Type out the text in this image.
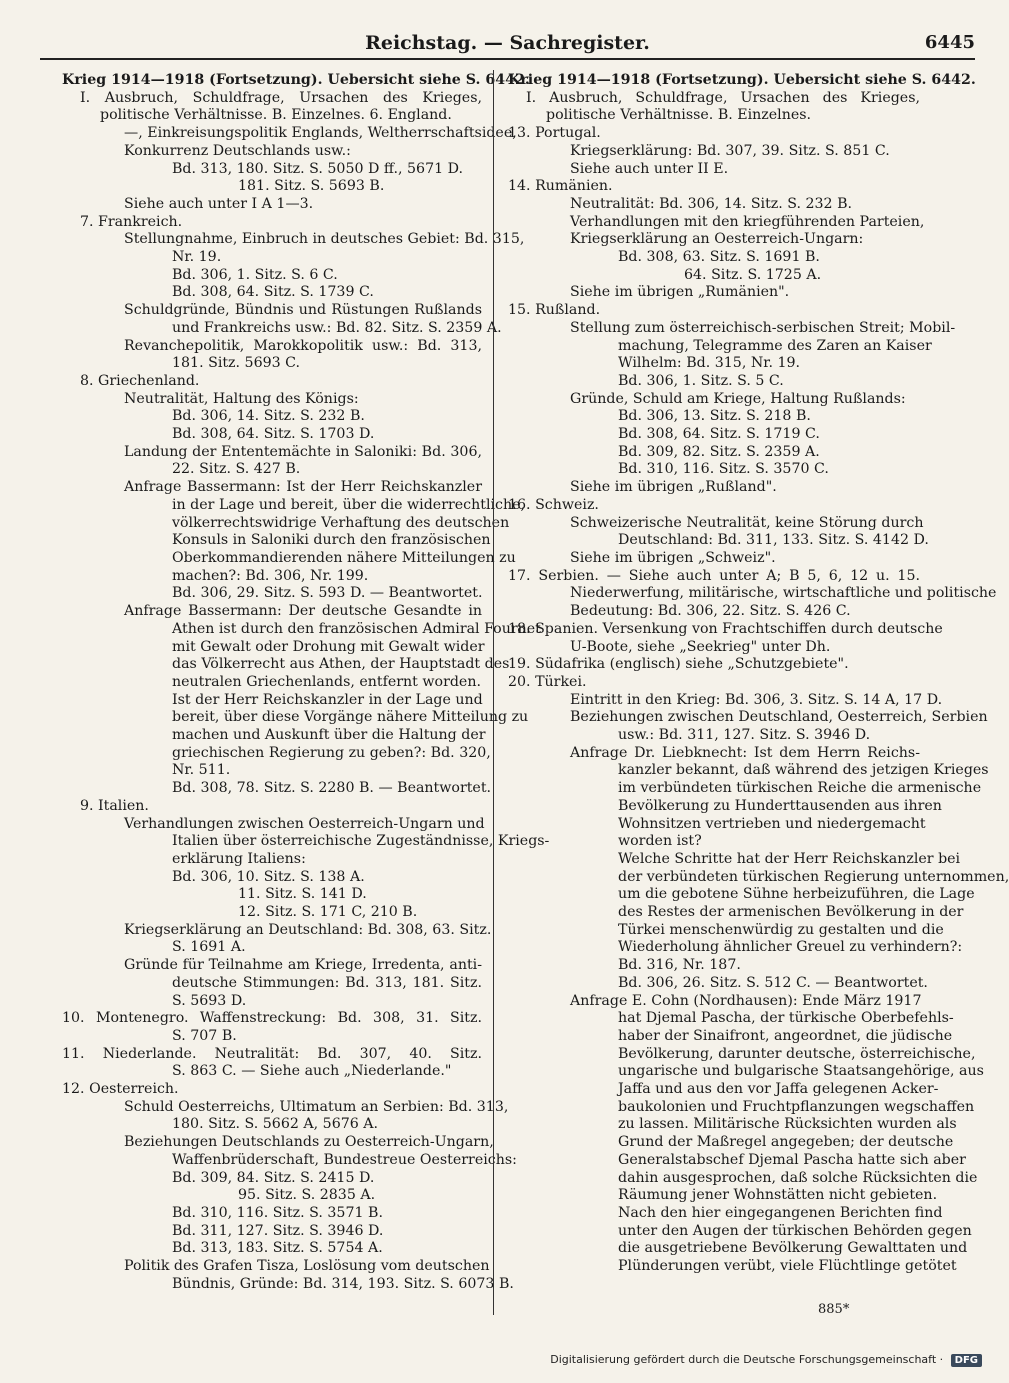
Reichstag. — Sachregister.	6445
Krieg 1914—1918 (Fortsetzung). Uebersicht siehe S. 6442.
I. Ausbruch, Schuldfrage, Ursachen des Krieges,
politische Verhältnisse. B. Einzelnes. 6. England.
—, Einkreisungspolitik Englands, Weltherrschaftsidee,
Konkurrenz Deutschlands usw.:
Bd. 313, 180. Sitz. S. 5050 D ff., 5671 D.
181. Sitz. S. 5693 B.
Siehe auch unter I A 1—3.
7. Frankreich.
Stellungnahme, Einbruch in deutsches Gebiet: Bd. 315,
Nr. 19.
Bd. 306, 1. Sitz. S. 6 C.
Bd. 308, 64. Sitz. S. 1739 C.
Schuldgründe, Bündnis und Rüstungen Rußlands
und Frankreichs usw.: Bd. 82. Sitz. S. 2359 A.
Revanchepolitik, Marokkopolitik usw.: Bd. 313,
181. Sitz. 5693 C.
8. Griechenland.
Neutralität, Haltung des Königs:
Bd. 306, 14. Sitz. S. 232 B.
Bd. 308, 64. Sitz. S. 1703 D.
Landung der Ententemächte in Saloniki: Bd. 306,
22. Sitz. S. 427 B.
Anfrage Bassermann: Ist der Herr Reichskanzler
in der Lage und bereit, über die widerrechtliche,
völkerrechtswidrige Verhaftung des deutschen
Konsuls in Saloniki durch den französischen
Oberkommandierenden nähere Mitteilungen zu
machen?: Bd. 306, Nr. 199.
Bd. 306, 29. Sitz. S. 593 D. — Beantwortet.
Anfrage Bassermann: Der deutsche Gesandte in
Athen ist durch den französischen Admiral Fournet
mit Gewalt oder Drohung mit Gewalt wider
das Völkerrecht aus Athen, der Hauptstadt des
neutralen Griechenlands, entfernt worden.
Ist der Herr Reichskanzler in der Lage und
bereit, über diese Vorgänge nähere Mitteilung zu
machen und Auskunft über die Haltung der
griechischen Regierung zu geben?: Bd. 320,
Nr. 511.
Bd. 308, 78. Sitz. S. 2280 B. — Beantwortet.
9. Italien.
Verhandlungen zwischen Oesterreich-Ungarn und
Italien über österreichische Zugeständnisse, Kriegs-
erklärung Italiens:
Bd. 306, 10. Sitz. S. 138 A.
11. Sitz. S. 141 D.
12. Sitz. S. 171 C, 210 B.
Kriegserklärung an Deutschland: Bd. 308, 63. Sitz.
S. 1691 A.
Gründe für Teilnahme am Kriege, Irredenta, anti-
deutsche Stimmungen: Bd. 313, 181. Sitz.
S. 5693 D.
10. Montenegro. Waffenstreckung: Bd. 308, 31. Sitz.
S. 707 B.
11. Niederlande. Neutralität: Bd. 307, 40. Sitz.
S. 863 C. — Siehe auch „Niederlande."
12. Oesterreich.
Schuld Oesterreichs, Ultimatum an Serbien: Bd. 313,
180. Sitz. S. 5662 A, 5676 A.
Beziehungen Deutschlands zu Oesterreich-Ungarn,
Waffenbrüderschaft, Bundestreue Oesterreichs:
Bd. 309, 84. Sitz. S. 2415 D.
95. Sitz. S. 2835 A.
Bd. 310, 116. Sitz. S. 3571 B.
Bd. 311, 127. Sitz. S. 3946 D.
Bd. 313, 183. Sitz. S. 5754 A.
Politik des Grafen Tisza, Loslösung vom deutschen
Bündnis, Gründe: Bd. 314, 193. Sitz. S. 6073 B.
Krieg 1914—1918 (Fortsetzung). Uebersicht siehe S. 6442.
I. Ausbruch, Schuldfrage, Ursachen des Krieges,
politische Verhältnisse. B. Einzelnes.
13. Portugal.
Kriegserklärung: Bd. 307, 39. Sitz. S. 851 C.
Siehe auch unter II E.
14. Rumänien.
Neutralität: Bd. 306, 14. Sitz. S. 232 B.
Verhandlungen mit den kriegführenden Parteien,
Kriegserklärung an Oesterreich-Ungarn:
Bd. 308, 63. Sitz. S. 1691 B.
64. Sitz. S. 1725 A.
Siehe im übrigen „Rumänien".
15. Rußland.
Stellung zum österreichisch-serbischen Streit; Mobil-
machung, Telegramme des Zaren an Kaiser
Wilhelm: Bd. 315, Nr. 19.
Bd. 306, 1. Sitz. S. 5 C.
Gründe, Schuld am Kriege, Haltung Rußlands:
Bd. 306, 13. Sitz. S. 218 B.
Bd. 308, 64. Sitz. S. 1719 C.
Bd. 309, 82. Sitz. S. 2359 A.
Bd. 310, 116. Sitz. S. 3570 C.
Siehe im übrigen „Rußland".
16. Schweiz.
Schweizerische Neutralität, keine Störung durch
Deutschland: Bd. 311, 133. Sitz. S. 4142 D.
Siehe im übrigen „Schweiz".
17. Serbien. — Siehe auch unter A; B 5, 6, 12 u. 15.
Niederwerfung, militärische, wirtschaftliche und politische
Bedeutung: Bd. 306, 22. Sitz. S. 426 C.
18. Spanien. Versenkung von Frachtschiffen durch deutsche
U-Boote, siehe „Seekrieg" unter Dh.
19. Südafrika (englisch) siehe „Schutzgebiete".
20. Türkei.
Eintritt in den Krieg: Bd. 306, 3. Sitz. S. 14 A, 17 D.
Beziehungen zwischen Deutschland, Oesterreich, Serbien
usw.: Bd. 311, 127. Sitz. S. 3946 D.
Anfrage Dr. Liebknecht: Ist dem Herrn Reichs-
kanzler bekannt, daß während des jetzigen Krieges
im verbündeten türkischen Reiche die armenische
Bevölkerung zu Hunderttausenden aus ihren
Wohnsitzen vertrieben und niedergemacht
worden ist?
Welche Schritte hat der Herr Reichskanzler bei
der verbündeten türkischen Regierung unternommen,
um die gebotene Sühne herbeizuführen, die Lage
des Restes der armenischen Bevölkerung in der
Türkei menschenwürdig zu gestalten und die
Wiederholung ähnlicher Greuel zu verhindern?:
Bd. 316, Nr. 187.
Bd. 306, 26. Sitz. S. 512 C. — Beantwortet.
Anfrage E. Cohn (Nordhausen): Ende März 1917
hat Djemal Pascha, der türkische Oberbefehls-
haber der Sinaifront, angeordnet, die jüdische
Bevölkerung, darunter deutsche, österreichische,
ungarische und bulgarische Staatsangehörige, aus
Jaffa und aus den vor Jaffa gelegenen Acker-
baukolonien und Fruchtpflanzungen wegschaffen
zu lassen. Militärische Rücksichten wurden als
Grund der Maßregel angegeben; der deutsche
Generalstabschef Djemal Pascha hatte sich aber
dahin ausgesprochen, daß solche Rücksichten die
Räumung jener Wohnstätten nicht gebieten.
Nach den hier eingegangenen Berichten find
unter den Augen der türkischen Behörden gegen
die ausgetriebene Bevölkerung Gewalttaten und
Plünderungen verübt, viele Flüchtlinge getötet
885*
Digitalisierung gefördert durch die Deutsche Forschungsgemeinschaft · DFG
